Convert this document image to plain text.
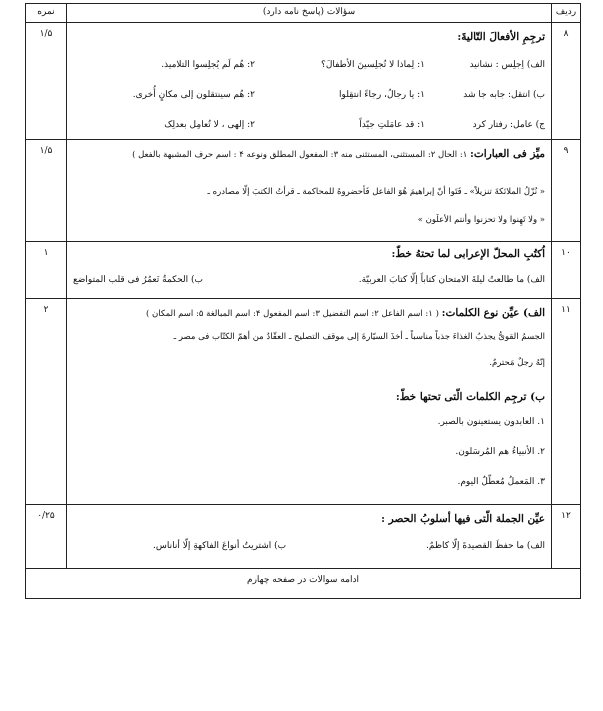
ردیف
سؤالات (پاسخ نامه دارد)
نمره
۸
۱/۵	ترجِمِ الأفعالَ التّالیةَ:
الف) اِجلِس : نشانید
۱: لِماذا لا تُجلِسینَ الأطفالَ؟
۲: هُم لَم یُجلِسوا التلامیذ.
ب) انتقل: جابه جا شد
۱: یا رجالُ، رجاءً انتقِلوا
۲: هُم سینتقلون إلی مکانٍ أُخری.
ج) عامل: رفتار کرد
۱: قد عامَلتِ جیّداً
۲: إلهی ، لا تُعامِل بعدلِک
۹
۱/۵	میِّز فی العبارات: ۱: الحال ۲: المستثنی، المستثنی منه ۳: المفعول المطلق ونوعه ۴ : اسم حرف المشبهة بالفعل )
« نُزّلُ الملائکةَ تنزیلاً» ـ فَتَوا أنّ إبراهیمَ هُوَ الفاعل فَأحضروهُ للمحاکمة ـ قرأتُ الکتبَ إلّا مصادره ـ
« ولا تَهِنوا ولا تحزنوا وأنتم الأعلَون »
۱۰
۱	اُکتُبِ المحلّ الإعرابی لما تحتهُ خطّ:
الف) ما طالعتُ لیلةَ الامتحان کتاباً إلّا کتابَ العربیّة.
ب) الحکمةُ تَعمُرُ فی قلب المتواضع
۱۱
۲	الف) عیِّن نوع الکلمات: ( ۱: اسم الفاعل ۲: اسم التفضیل ۳: اسم المفعول ۴: اسم المبالغة ۵: اسم المکان )
الجسمُ القویُّ یجذبُ الغذاءَ جذباً مناسباً ـ أخذَ السیّارةَ إلی موقف التصلیح ـ العقّادُ من أهمّ الکتّاب فی مصر ـ
إنّهُ رجلٌ مَحترمٌ.
ب) ترجِم الکلمات الّتی تحتها خطّ:
۱. العابدون یستعینون بالصبر.
۲. الأنبیاءُ هم المُرسَلون.
۳. المَعملُ مُعطّلٌ الیوم.
۱۲
۰/۲۵	عیِّن الجملة الّتی فیها أسلوبُ الحصر :
الف) ما حفظَ القصیدةَ إلّا کاظمٌ.
ب) اشتریتُ أنواعَ الفاکهةِ إلّا أناناس.
ادامه سوالات در صفحه چهارم
